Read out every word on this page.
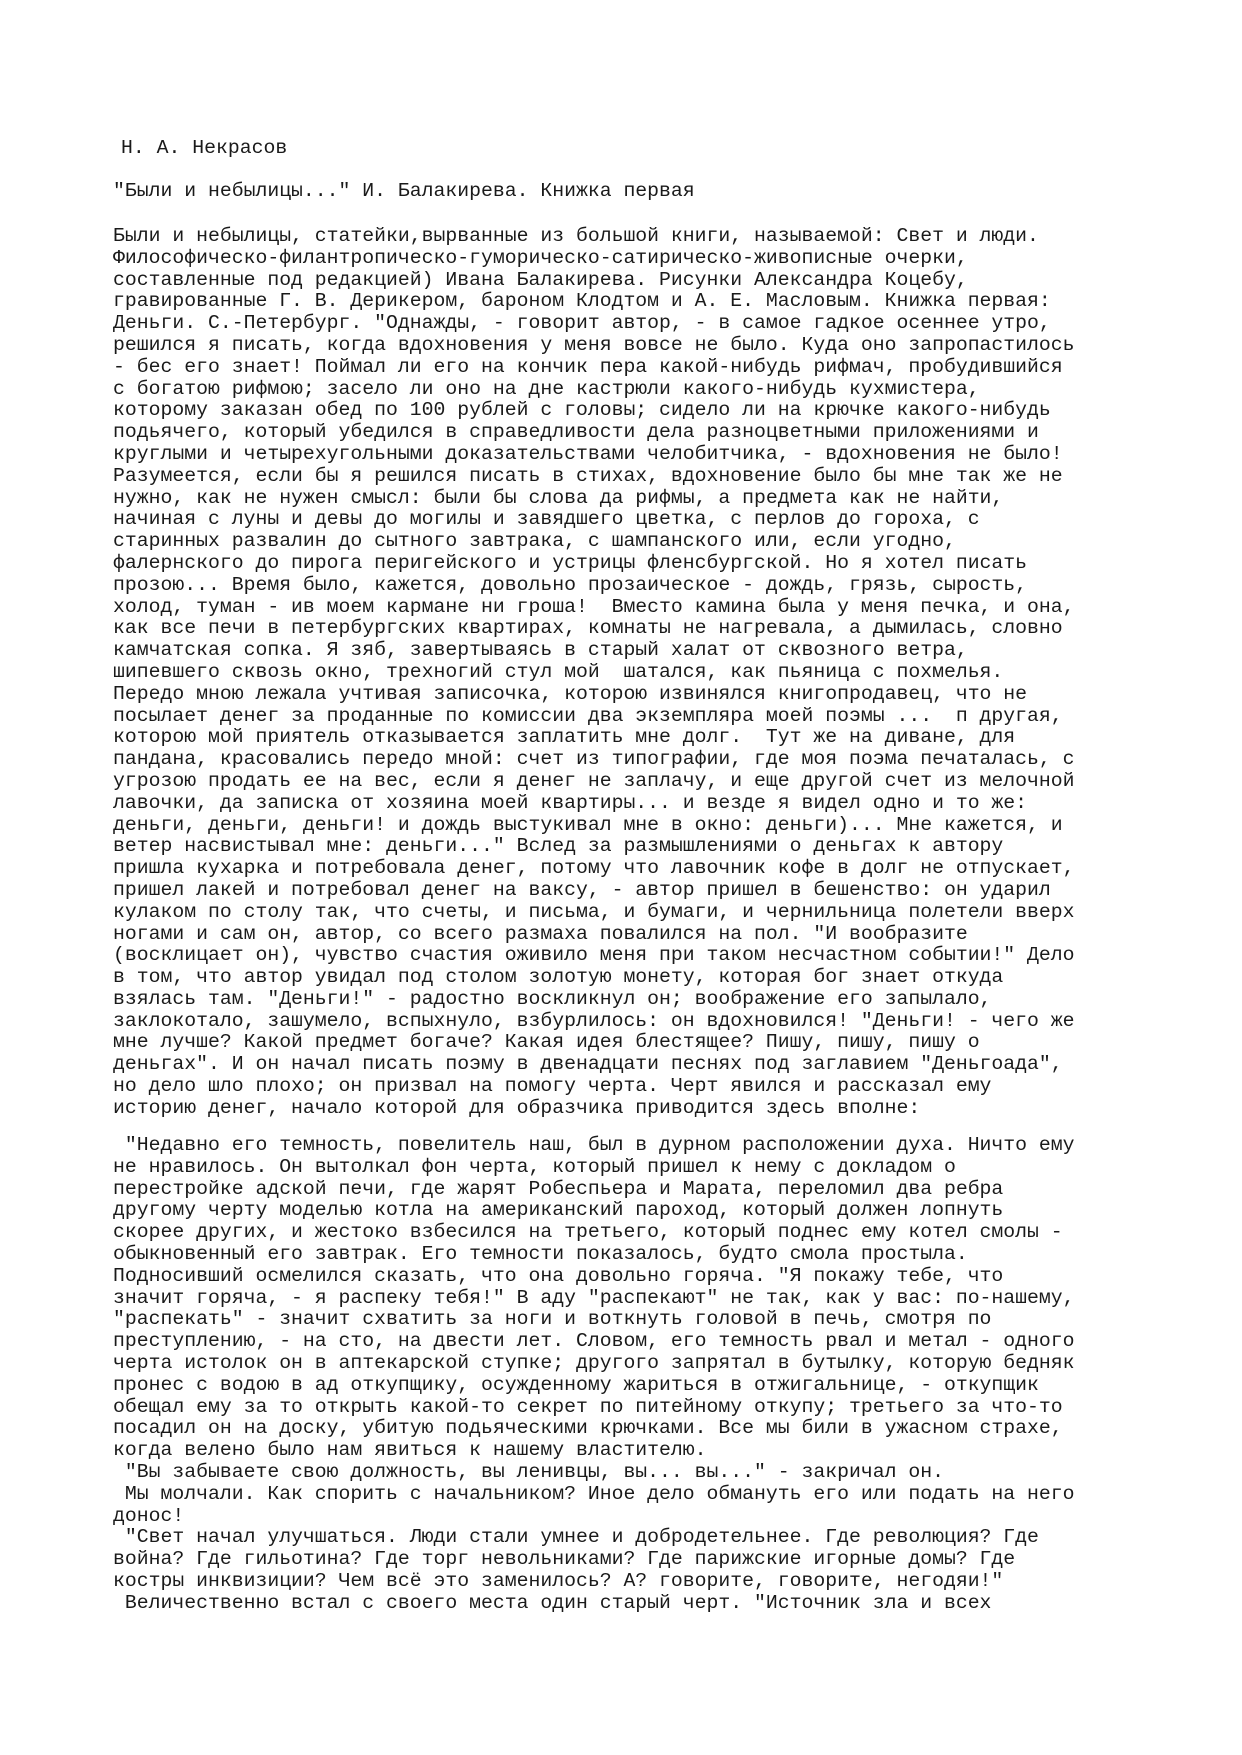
Н. А. Некрасов
"Были и небылицы..." И. Балакирева. Книжка первая
Были и небылицы, статейки,вырванные из большой книги, называемой: Свет и люди.
Философическо-филантропическо-гуморическо-сатирическо-живописные очерки,
составленные под редакцией) Ивана Балакирева. Рисунки Александра Коцебу,
гравированные Г. В. Дерикером, бароном Клодтом и А. Е. Масловым. Книжка первая:
Деньги. С.-Петербург. "Однажды, - говорит автор, - в самое гадкое осеннее утро,
решился я писать, когда вдохновения у меня вовсе не было. Куда оно запропастилось
- бес его знает! Поймал ли его на кончик пера какой-нибудь рифмач, пробудившийся
с богатою рифмою; засело ли оно на дне кастрюли какого-нибудь кухмистера,
которому заказан обед по 100 рублей с головы; сидело ли на крючке какого-нибудь
подьячего, который убедился в справедливости дела разноцветными приложениями и
круглыми и четырехугольными доказательствами челобитчика, - вдохновения не было!
Разумеется, если бы я решился писать в стихах, вдохновение было бы мне так же не
нужно, как не нужен смысл: были бы слова да рифмы, а предмета как не найти,
начиная с луны и девы до могилы и завядшего цветка, с перлов до гороха, с
старинных развалин до сытного завтрака, с шампанского или, если угодно,
фалернского до пирога перигейского и устрицы фленсбургской. Но я хотел писать
прозою... Время было, кажется, довольно прозаическое - дождь, грязь, сырость,
холод, туман - ив моем кармане ни гроша!  Вместо камина была у меня печка, и она,
как все печи в петербургских квартирах, комнаты не нагревала, а дымилась, словно
камчатская сопка. Я зяб, завертываясь в старый халат от сквозного ветра,
шипевшего сквозь окно, трехногий стул мой  шатался, как пьяница с похмелья.
Передо мною лежала учтивая записочка, которою извинялся книгопродавец, что не
посылает денег за проданные по комиссии два экземпляра моей поэмы ...  п другая,
которою мой приятель отказывается заплатить мне долг.  Тут же на диване, для
пандана, красовались передо мной: счет из типографии, где моя поэма печаталась, с
угрозою продать ее на вес, если я денег не заплачу, и еще другой счет из мелочной
лавочки, да записка от хозяина моей квартиры... и везде я видел одно и то же:
деньги, деньги, деньги! и дождь выстукивал мне в окно: деньги)... Мне кажется, и
ветер насвистывал мне: деньги..." Вслед за размышлениями о деньгах к автору
пришла кухарка и потребовала денег, потому что лавочник кофе в долг не отпускает,
пришел лакей и потребовал денег на ваксу, - автор пришел в бешенство: он ударил
кулаком по столу так, что счеты, и письма, и бумаги, и чернильница полетели вверх
ногами и сам он, автор, со всего размаха повалился на пол. "И вообразите
(восклицает он), чувство счастия оживило меня при таком несчастном событии!" Дело
в том, что автор увидал под столом золотую монету, которая бог знает откуда
взялась там. "Деньги!" - радостно воскликнул он; воображение его запылало,
заклокотало, зашумело, вспыхнуло, взбурлилось: он вдохновился! "Деньги! - чего же
мне лучше? Какой предмет богаче? Какая идея блестящее? Пишу, пишу, пишу о
деньгах". И он начал писать поэму в двенадцати песнях под заглавием "Деньгоада",
но дело шло плохо; он призвал на помогу черта. Черт явился и рассказал ему
историю денег, начало которой для образчика приводится здесь вполне:
"Недавно его темность, повелитель наш, был в дурном расположении духа. Ничто ему
не нравилось. Он вытолкал фон черта, который пришел к нему с докладом о
перестройке адской печи, где жарят Робеспьера и Марата, переломил два ребра
другому черту моделью котла на американский пароход, который должен лопнуть
скорее других, и жестоко взбесился на третьего, который поднес ему котел смолы -
обыкновенный его завтрак. Его темности показалось, будто смола простыла.
Подносивший осмелился сказать, что она довольно горяча. "Я покажу тебе, что
значит горяча, - я распеку тебя!" В аду "распекают" не так, как у вас: по-нашему,
"распекать" - значит схватить за ноги и воткнуть головой в печь, смотря по
преступлению, - на сто, на двести лет. Словом, его темность рвал и метал - одного
черта истолок он в аптекарской ступке; другого запрятал в бутылку, которую бедняк
пронес с водою в ад откупщику, осужденному жариться в отжигальнице, - откупщик
обещал ему за то открыть какой-то секрет по питейному откупу; третьего за что-то
посадил он на доску, убитую подьяческими крючками. Все мы били в ужасном страхе,
когда велено было нам явиться к нашему властителю.
"Вы забываете свою должность, вы ленивцы, вы... вы..." - закричал он.
Мы молчали. Как спорить с начальником? Иное дело обмануть его или подать на него
донос!
"Свет начал улучшаться. Люди стали умнее и добродетельнее. Где революция? Где
война? Где гильотина? Где торг невольниками? Где парижские игорные домы? Где
костры инквизиции? Чем всё это заменилось? А? говорите, говорите, негодяи!"
Величественно встал с своего места один старый черт. "Источник зла и всех
